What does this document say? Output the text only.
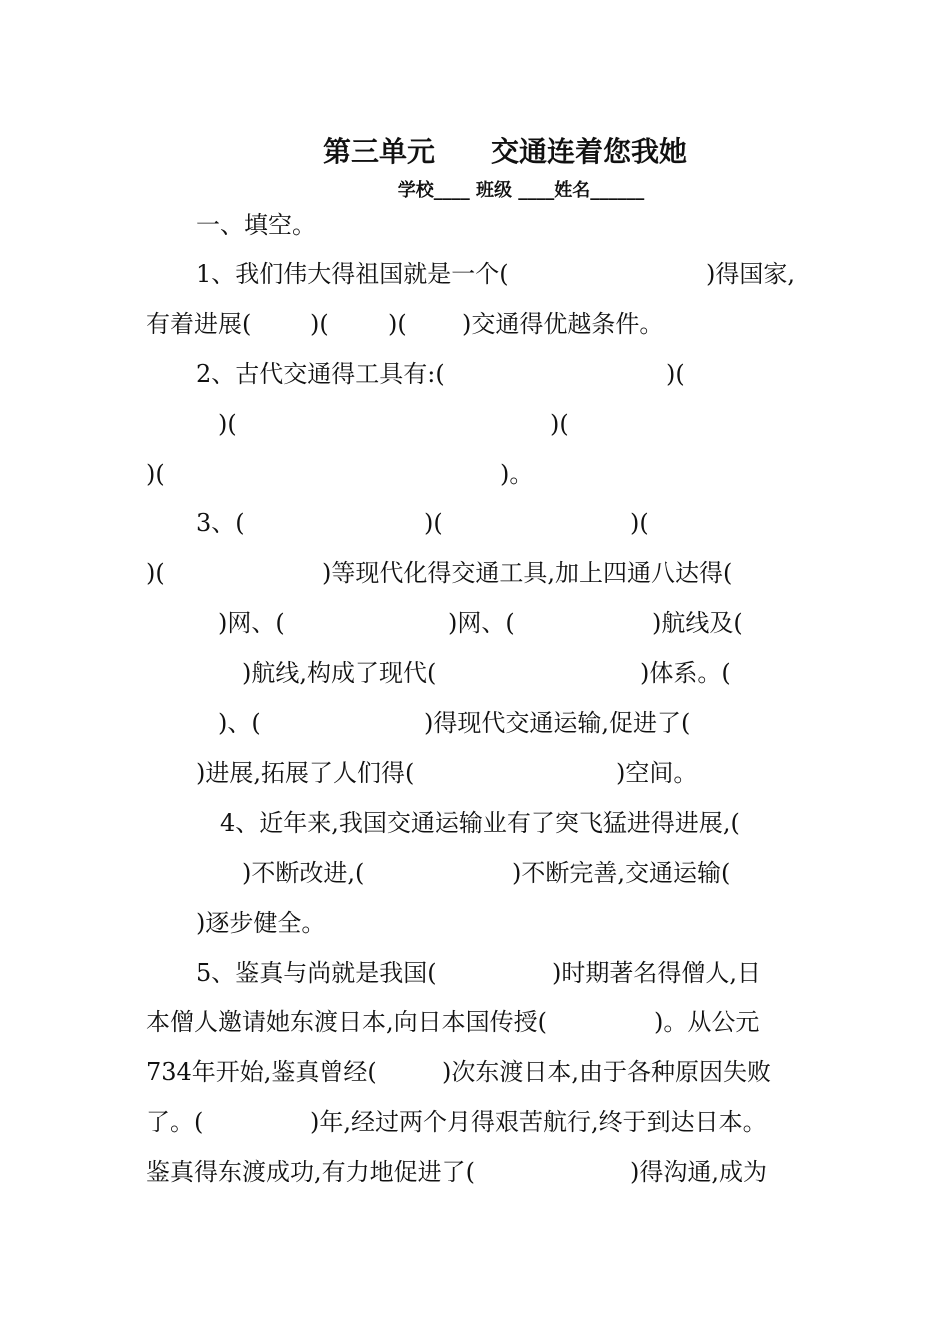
第三单元　　交通连着您我她
学校____ 班级 ____姓名______
一、填空。
1、我们伟大得祖国就是一个(	)得国家,
有着进展( )( )( )交通得优越条件。
2、古代交通得工具有:(	)(
)(	)(
)(	)。
3、(	)(	)(
)(	)等现代化得交通工具,加上四通八达得(
)网、(	)网、(	)航线及(
)航线,构成了现代(	)体系。(
)、(	)得现代交通运输,促进了(
)进展,拓展了人们得(	)空间。
4、近年来,我国交通运输业有了突飞猛进得进展,(
)不断改进,(	)不断完善,交通运输(
)逐步健全。
5、鉴真与尚就是我国(	)时期著名得僧人,日
本僧人邀请她东渡日本,向日本国传授(	)。从公元
734年开始,鉴真曾经(	)次东渡日本,由于各种原因失败
了。(	)年,经过两个月得艰苦航行,终于到达日本。
鉴真得东渡成功,有力地促进了(	)得沟通,成为
